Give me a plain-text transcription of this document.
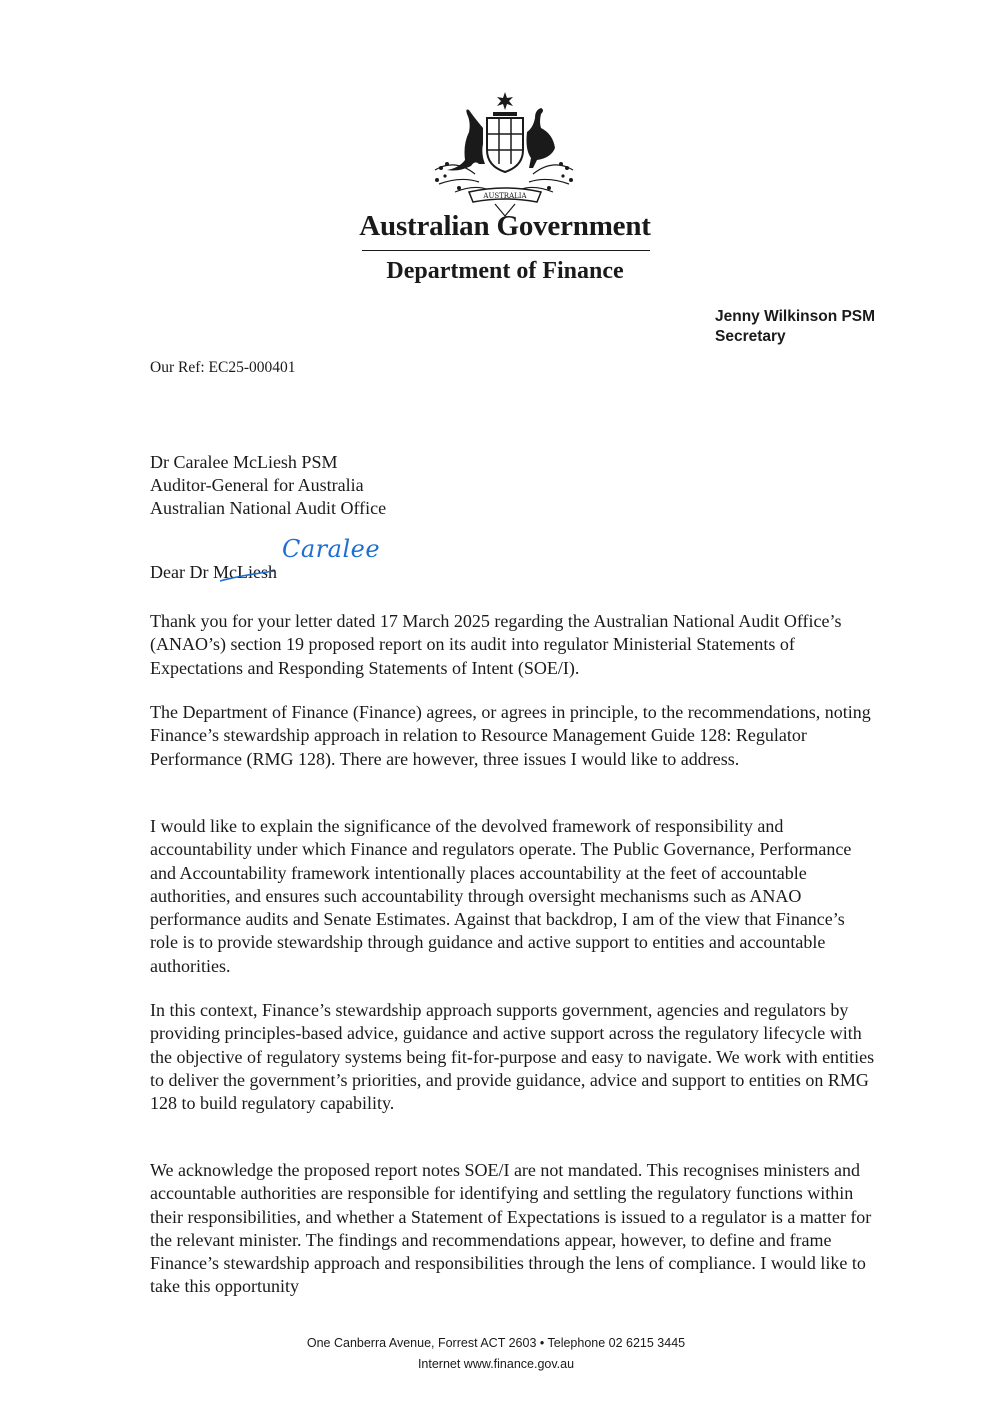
AUSTRALIA
Australian Government
Department of Finance
Jenny Wilkinson PSM
Secretary
Our Ref: EC25-000401
Dr Caralee McLiesh PSM
Auditor-General for Australia
Australian National Audit Office
Dear Dr McLiesh
Caralee

Thank you for your letter dated 17 March 2025 regarding the Australian National Audit Office’s (ANAO’s) section 19 proposed report on its audit into regulator Ministerial Statements of Expectations and Responding Statements of Intent (SOE/I).

The Department of Finance (Finance) agrees, or agrees in principle, to the recommendations, noting Finance’s stewardship approach in relation to Resource Management Guide 128: Regulator Performance (RMG 128). There are however, three issues I would like to address.

I would like to explain the significance of the devolved framework of responsibility and accountability under which Finance and regulators operate. The Public Governance, Performance and Accountability framework intentionally places accountability at the feet of accountable authorities, and ensures such accountability through oversight mechanisms such as ANAO performance audits and Senate Estimates. Against that backdrop, I am of the view that Finance’s role is to provide stewardship through guidance and active support to entities and accountable authorities.

In this context, Finance’s stewardship approach supports government, agencies and regulators by providing principles-based advice, guidance and active support across the regulatory lifecycle with the objective of regulatory systems being fit-for-purpose and easy to navigate. We work with entities to deliver the government’s priorities, and provide guidance, advice and support to entities on RMG 128 to build regulatory capability.

We acknowledge the proposed report notes SOE/I are not mandated. This recognises ministers and accountable authorities are responsible for identifying and settling the regulatory functions within their responsibilities, and whether a Statement of Expectations is issued to a regulator is a matter for the relevant minister. The findings and recommendations appear, however, to define and frame Finance’s stewardship approach and responsibilities through the lens of compliance. I would like to take this opportunity

One Canberra Avenue, Forrest ACT 2603 • Telephone 02 6215 3445
Internet www.finance.gov.au
